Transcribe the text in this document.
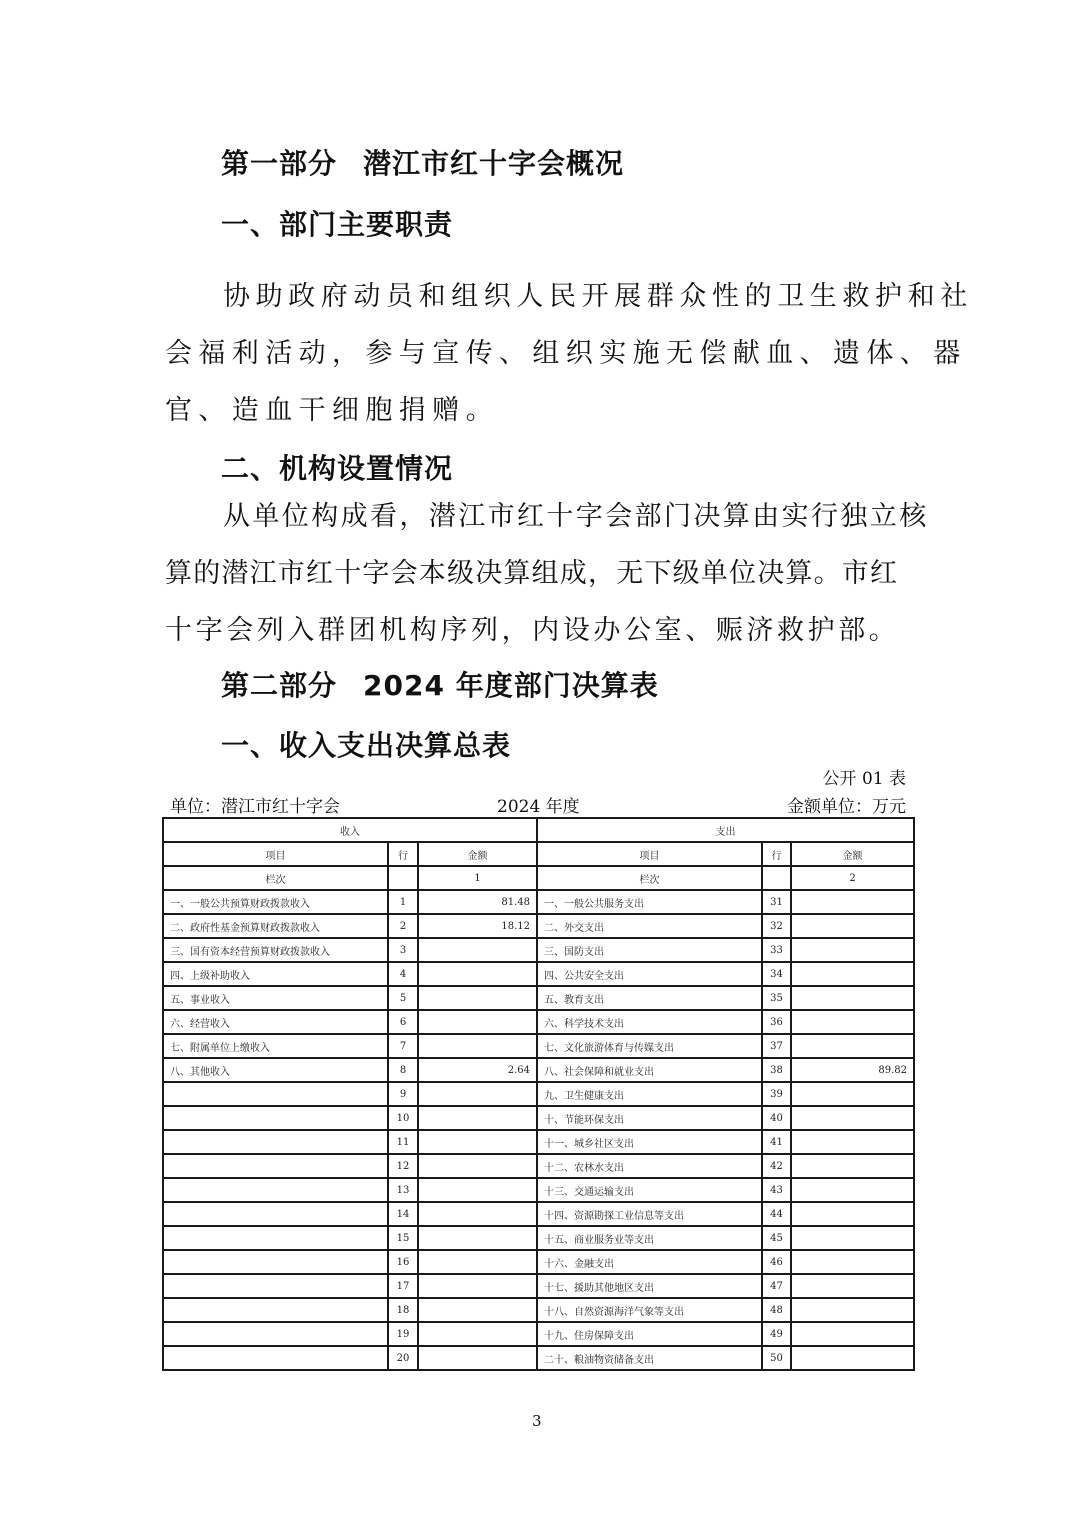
第一部分 潜江市红十字会概况
一、部门主要职责
协助政府动员和组织人民开展群众性的卫生救护和社
会福利活动，参与宣传、组织实施无偿献血、遗体、器
官、造血干细胞捐赠。
二、机构设置情况
从单位构成看，潜江市红十字会部门决算由实行独立核
算的潜江市红十字会本级决算组成，无下级单位决算。市红
十字会列入群团机构序列，内设办公室、赈济救护部。
第二部分 2024 年度部门决算表
一、收入支出决算总表
公开 01 表
单位：潜江市红十字会	2024 年度	金额单位：万元
收入			支出		
项目	行	金额	项目	行	金额
栏次		1	栏次		2
一、一般公共预算财政拨款收入	1	81.48	一、一般公共服务支出	31	
二、政府性基金预算财政拨款收入	2	18.12	二、外交支出	32	
三、国有资本经营预算财政拨款收入	3		三、国防支出	33	
四、上级补助收入	4		四、公共安全支出	34	
五、事业收入	5		五、教育支出	35	
六、经营收入	6		六、科学技术支出	36	
七、附属单位上缴收入	7		七、文化旅游体育与传媒支出	37	
八、其他收入	8	2.64	八、社会保障和就业支出	38	89.82
	9		九、卫生健康支出	39	
	10		十、节能环保支出	40	
	11		十一、城乡社区支出	41	
	12		十二、农林水支出	42	
	13		十三、交通运输支出	43	
	14		十四、资源勘探工业信息等支出	44	
	15		十五、商业服务业等支出	45	
	16		十六、金融支出	46	
	17		十七、援助其他地区支出	47	
	18		十八、自然资源海洋气象等支出	48	
	19		十九、住房保障支出	49	
	20		二十、粮油物资储备支出	50	
3
